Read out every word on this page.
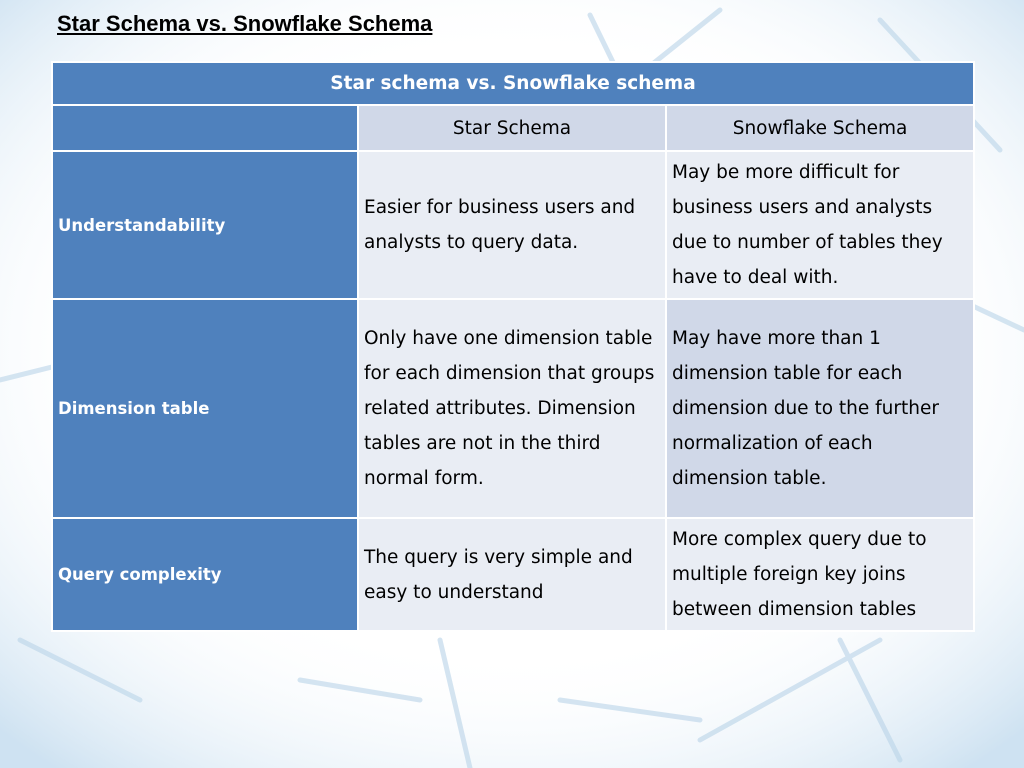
Star Schema vs. Snowflake Schema
Star schema vs. Snowflake schema		
	Star Schema	Snowflake Schema
Understandability	Easier for business users and analysts to query data.	May be more difficult for business users and analysts due to number of tables they have to deal with.
Dimension table	Only have one dimension table for each dimension that groups related attributes. Dimension tables are not in the third normal form.	May have more than 1 dimension table for each dimension due to the further normalization of each dimension table.
Query complexity	The query is very simple and easy to understand	More complex query due to multiple foreign key joins between dimension tables
